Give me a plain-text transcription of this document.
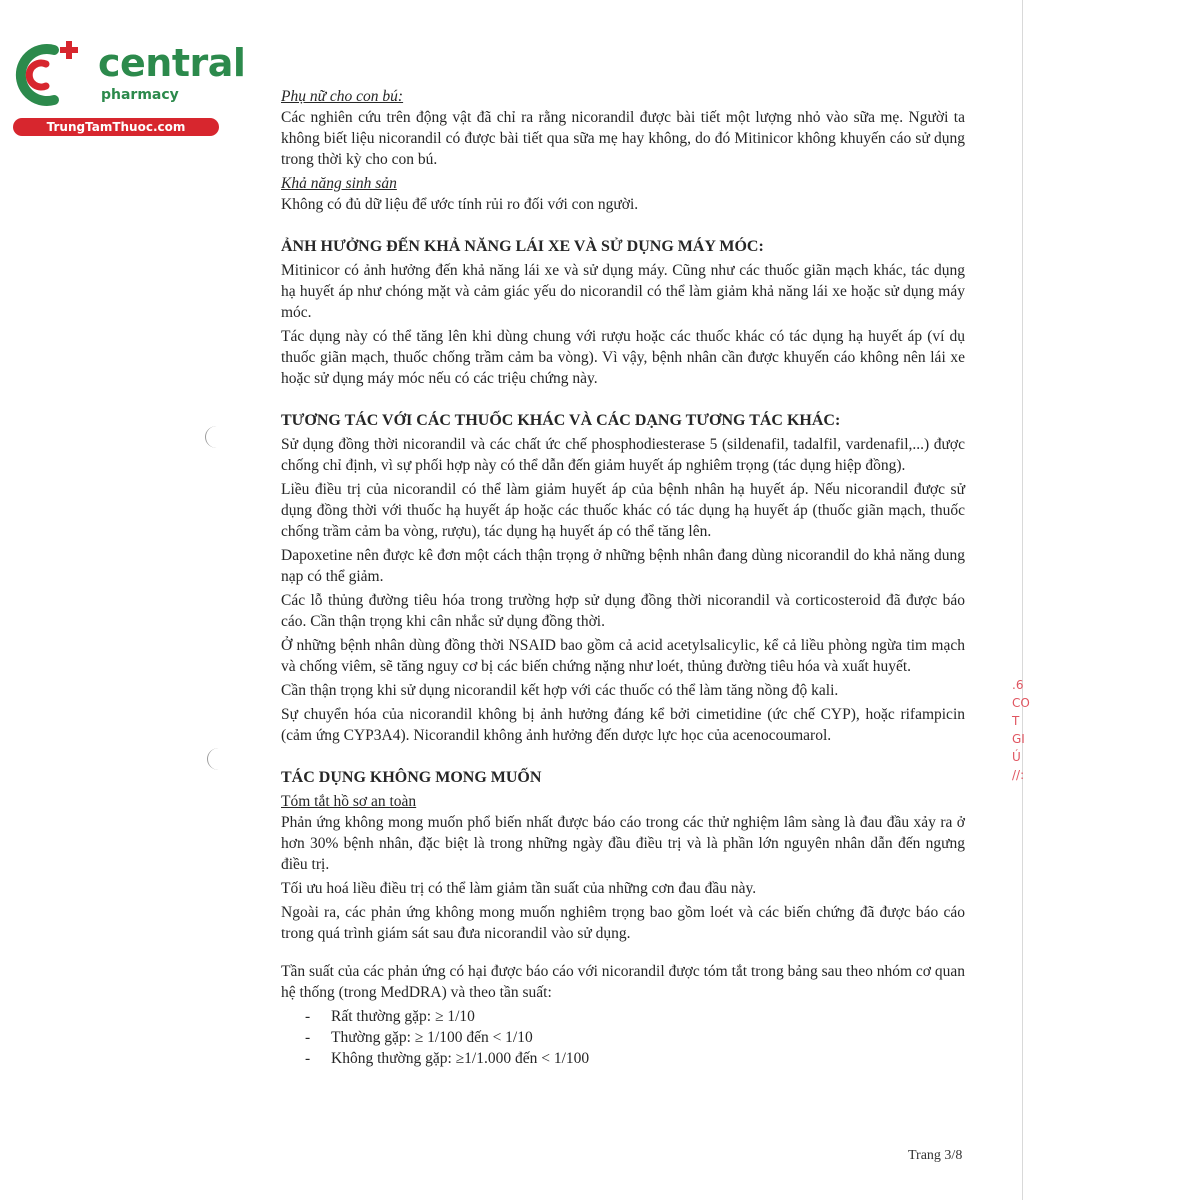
central
pharmacy
TrungTamThuoc.com

Phụ nữ cho con bú:

Các nghiên cứu trên động vật đã chỉ ra rằng nicorandil được bài tiết một lượng nhỏ vào sữa mẹ. Người ta không biết liệu nicorandil có được bài tiết qua sữa mẹ hay không, do đó Mitinicor không khuyến cáo sử dụng trong thời kỳ cho con bú.

Khả năng sinh sản

Không có đủ dữ liệu để ước tính rủi ro đối với con người.

ẢNH HƯỞNG ĐẾN KHẢ NĂNG LÁI XE VÀ SỬ DỤNG MÁY MÓC:

Mitinicor có ảnh hưởng đến khả năng lái xe và sử dụng máy. Cũng như các thuốc giãn mạch khác, tác dụng hạ huyết áp như chóng mặt và cảm giác yếu do nicorandil có thể làm giảm khả năng lái xe hoặc sử dụng máy móc.

Tác dụng này có thể tăng lên khi dùng chung với rượu hoặc các thuốc khác có tác dụng hạ huyết áp (ví dụ thuốc giãn mạch, thuốc chống trầm cảm ba vòng). Vì vậy, bệnh nhân cần được khuyến cáo không nên lái xe hoặc sử dụng máy móc nếu có các triệu chứng này.

TƯƠNG TÁC VỚI CÁC THUỐC KHÁC VÀ CÁC DẠNG TƯƠNG TÁC KHÁC:

Sử dụng đồng thời nicorandil và các chất ức chế phosphodiesterase 5 (sildenafil, tadalfil, vardenafil,...) được chống chỉ định, vì sự phối hợp này có thể dẫn đến giảm huyết áp nghiêm trọng (tác dụng hiệp đồng).

Liều điều trị của nicorandil có thể làm giảm huyết áp của bệnh nhân hạ huyết áp. Nếu nicorandil được sử dụng đồng thời với thuốc hạ huyết áp hoặc các thuốc khác có tác dụng hạ huyết áp (thuốc giãn mạch, thuốc chống trầm cảm ba vòng, rượu), tác dụng hạ huyết áp có thể tăng lên.

Dapoxetine nên được kê đơn một cách thận trọng ở những bệnh nhân đang dùng nicorandil do khả năng dung nạp có thể giảm.

Các lỗ thủng đường tiêu hóa trong trường hợp sử dụng đồng thời nicorandil và corticosteroid đã được báo cáo. Cần thận trọng khi cân nhắc sử dụng đồng thời.

Ở những bệnh nhân dùng đồng thời NSAID bao gồm cả acid acetylsalicylic, kể cả liều phòng ngừa tim mạch và chống viêm, sẽ tăng nguy cơ bị các biến chứng nặng như loét, thủng đường tiêu hóa và xuất huyết.

Cần thận trọng khi sử dụng nicorandil kết hợp với các thuốc có thể làm tăng nồng độ kali.

Sự chuyển hóa của nicorandil không bị ảnh hưởng đáng kể bởi cimetidine (ức chế CYP), hoặc rifampicin (cảm ứng CYP3A4). Nicorandil không ảnh hưởng đến dược lực học của acenocoumarol.

TÁC DỤNG KHÔNG MONG MUỐN

Tóm tắt hồ sơ an toàn

Phản ứng không mong muốn phổ biến nhất được báo cáo trong các thử nghiệm lâm sàng là đau đầu xảy ra ở hơn 30% bệnh nhân, đặc biệt là trong những ngày đầu điều trị và là phần lớn nguyên nhân dẫn đến ngưng điều trị.

Tối ưu hoá liều điều trị có thể làm giảm tần suất của những cơn đau đầu này.

Ngoài ra, các phản ứng không mong muốn nghiêm trọng bao gồm loét và các biến chứng đã được báo cáo trong quá trình giám sát sau đưa nicorandil vào sử dụng.

Tần suất của các phản ứng có hại được báo cáo với nicorandil được tóm tắt trong bảng sau theo nhóm cơ quan hệ thống (trong MedDRA) và theo tần suất:

- Rất thường gặp: ≥ 1/10
- Thường gặp: ≥ 1/100 đến < 1/10
- Không thường gặp: ≥1/1.000 đến < 1/100
Trang 3/8
.6
CO
T
GI
Ú
//:
